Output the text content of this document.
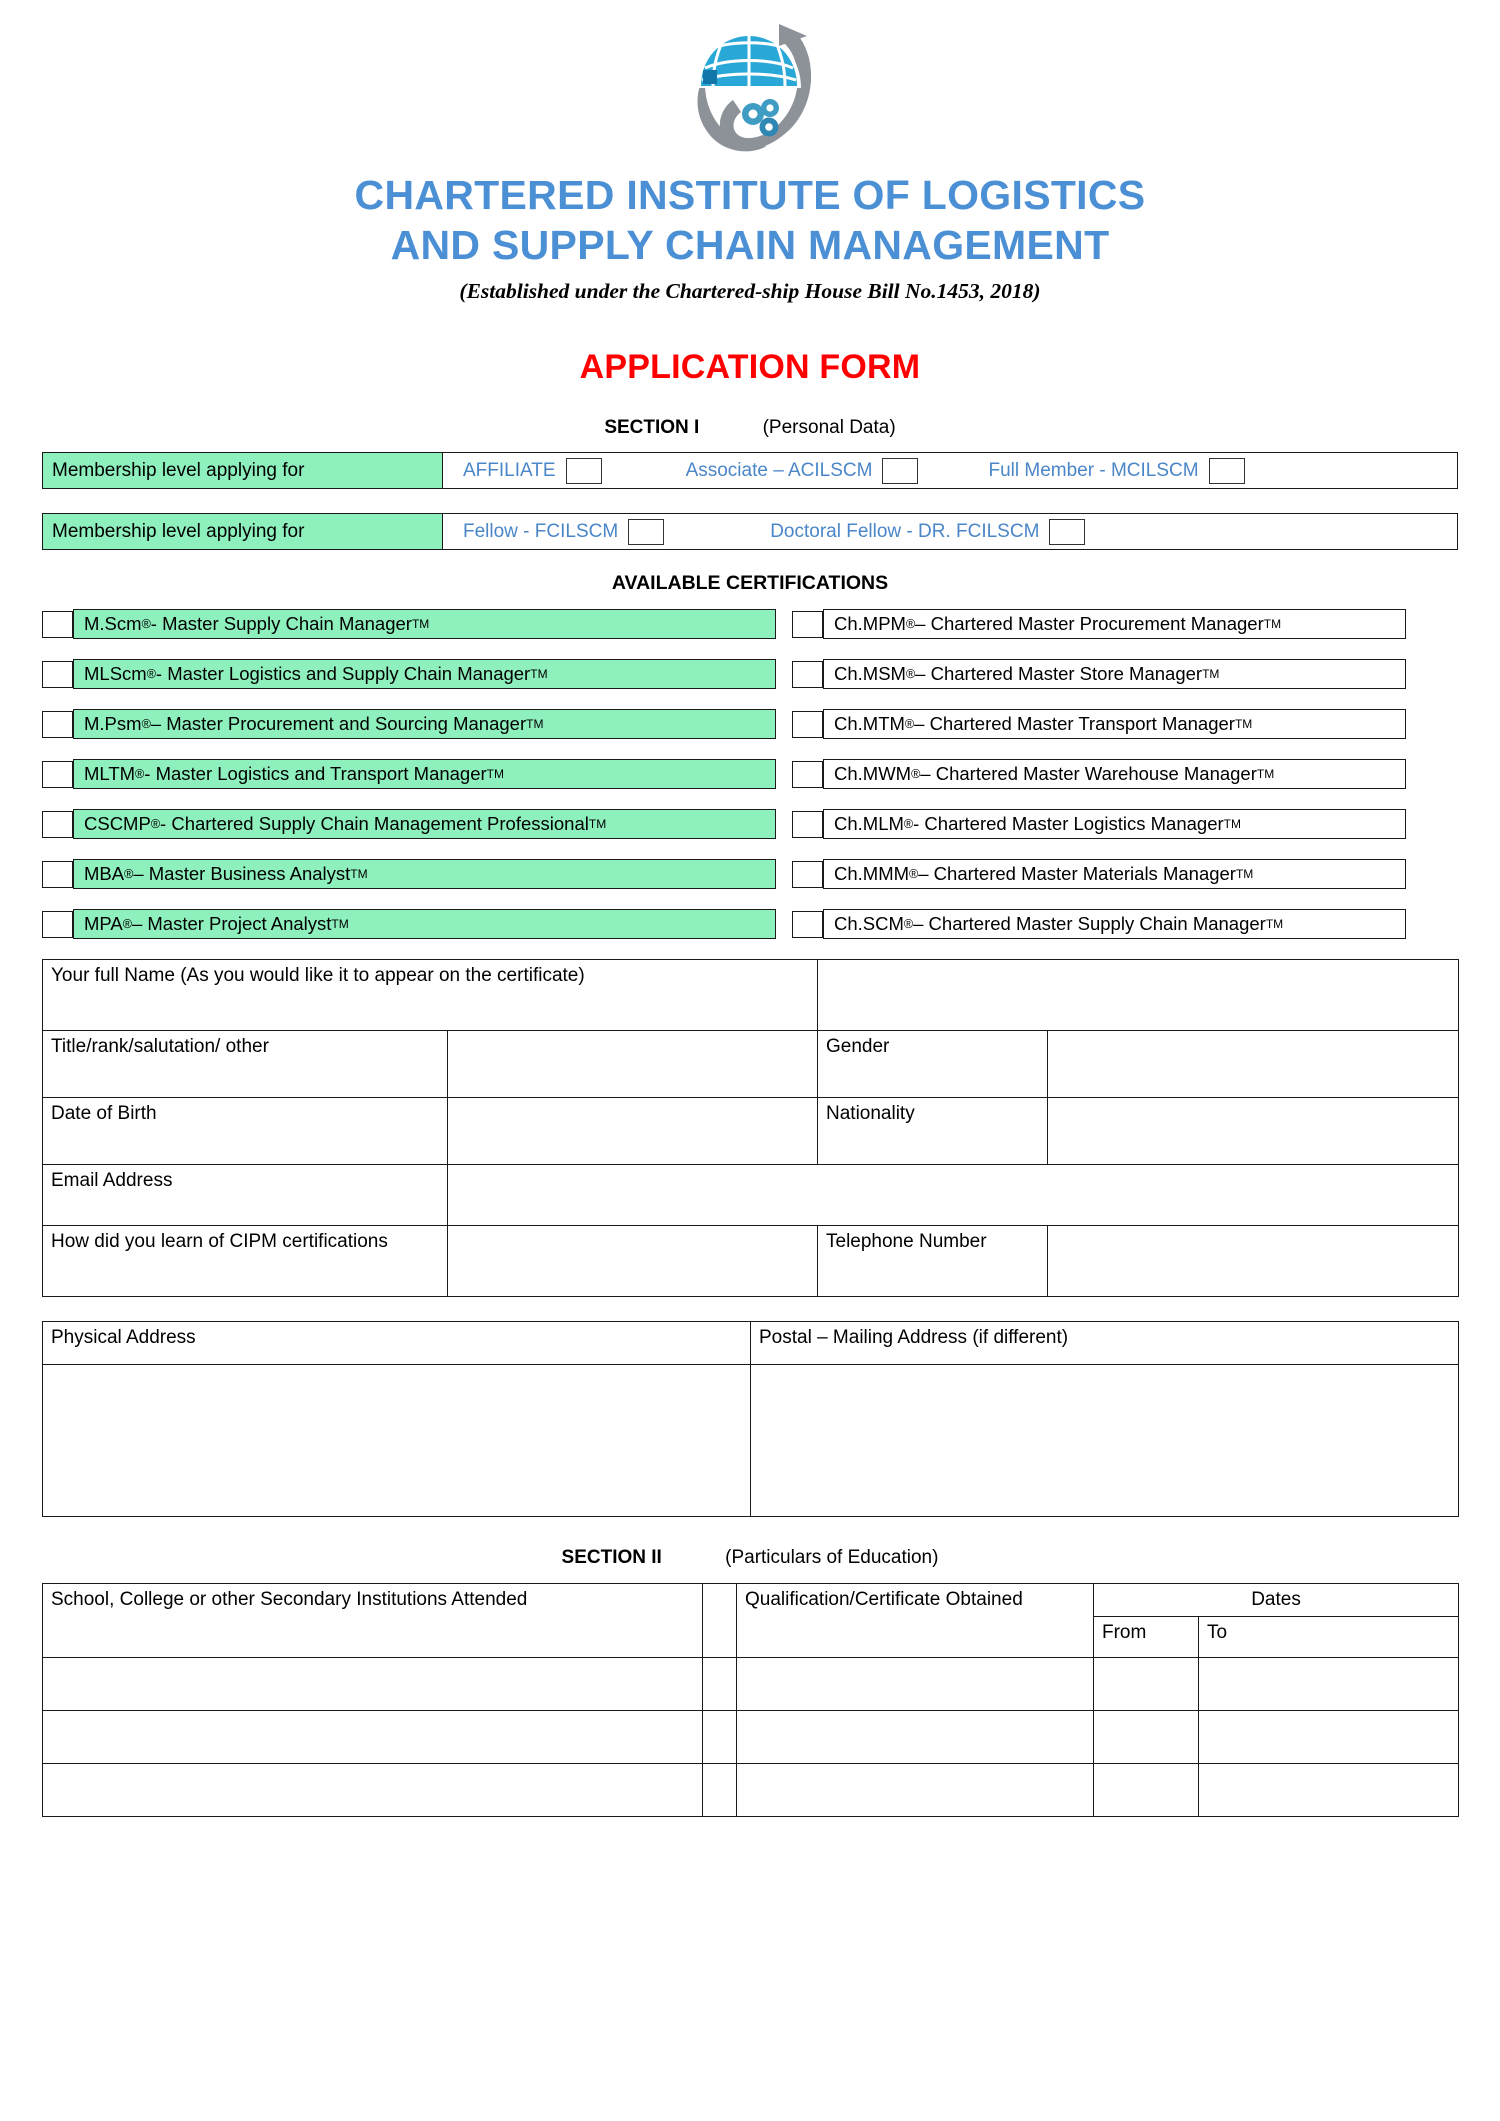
CHARTERED INSTITUTE OF LOGISTICS
AND SUPPLY CHAIN MANAGEMENT
(Established under the Chartered-ship House Bill No.1453, 2018)
APPLICATION FORM
SECTION I	(Personal Data)
Membership level applying for	AFFILIATE	Associate – ACILSCM	Full Member - MCILSCM
Membership level applying for	Fellow - FCILSCM	Doctoral Fellow - DR. FCILSCM
AVAILABLE CERTIFICATIONS
M.Scm ® - Master Supply Chain Manager TM	Ch.MPM ® – Chartered Master Procurement Manager TM
MLScm ® - Master Logistics and Supply Chain Manager TM	Ch.MSM ® – Chartered Master Store Manager TM
M.Psm ® – Master Procurement and Sourcing Manager TM	Ch.MTM ® – Chartered Master Transport Manager TM
MLTM ® - Master Logistics and Transport Manager TM	Ch.MWM ® – Chartered Master Warehouse Manager TM
CSCMP ® - Chartered Supply Chain Management Professional TM	Ch.MLM ® - Chartered Master Logistics Manager TM
MBA ® – Master Business Analyst TM	Ch.MMM ® – Chartered Master Materials Manager TM
MPA ® – Master Project Analyst TM	Ch.SCM ® – Chartered Master Supply Chain Manager TM
Your full Name (As you would like it to appear on the certificate)			
Title/rank/salutation/ other		Gender	
Date of Birth		Nationality	
Email Address			
How did you learn of CIPM certifications		Telephone Number	
Physical Address	Postal – Mailing Address (if different)

SECTION II	(Particulars of Education)
School, College or other Secondary Institutions Attended		Qualification/Certificate Obtained	Dates	
			From	To
